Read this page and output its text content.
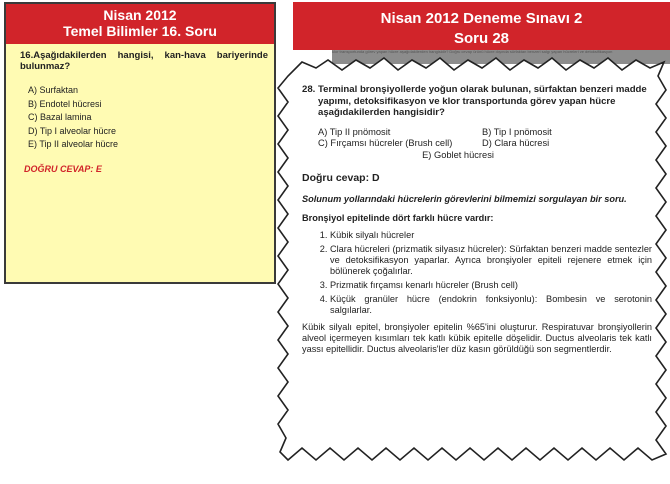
Nisan 2012
Temel Bilimler 16. Soru
16.Aşağıdakilerden hangisi, kan-hava bariyerinde bulunmaz?
A) Surfaktan
B) Endotel hücresi
C) Bazal lamina
D) Tip I alveolar hücre
E) Tip II alveolar hücre
DOĞRU CEVAP: E
Nisan 2012 Deneme Sınavı 2
Soru 28
klor transportunda görev yapan hücre aşağıdakilerden hangisidir? Doğru cevap ürünü hücre dışında sürfaktan benzeri salgı yapan hücreleri ve detoksifikasyon
28. Terminal bronşiyollerde yoğun olarak bulunan, sürfaktan benzeri madde yapımı, detoksifikasyon ve klor transportunda görev yapan hücre aşağıdakilerden hangisidir?
A) Tip II pnömosit	B) Tip I pnömosit
C) Fırçamsı hücreler (Brush cell)	D) Clara hücresi
E) Goblet hücresi
Doğru cevap: D
Solunum yollarındaki hücrelerin görevlerini bilmemizi sorgulayan bir soru.
Bronşiyol epitelinde dört farklı hücre vardır:
1. Kübik silyalı hücreler
2. Clara hücreleri (prizmatik silyasız hücreler): Sürfaktan benzeri madde sentezler ve detoksifikasyon yaparlar. Ayrıca bronşiyoler epiteli rejenere etmek için bölünerek çoğalırlar.
3. Prizmatik fırçamsı kenarlı hücreler (Brush cell)
4. Küçük granüler hücre (endokrin fonksiyonlu): Bombesin ve serotonin salgılarlar.
Kübik silyalı epitel, bronşiyoler epitelin %65'ini oluşturur. Respiratuvar bronşiyollerin alveol içermeyen kısımları tek katlı kübik epitelle döşelidir. Ductus alveolaris tek katlı yassı epitellidir. Ductus alveolaris'ler düz kasın görüldüğü son segmentlerdir.
